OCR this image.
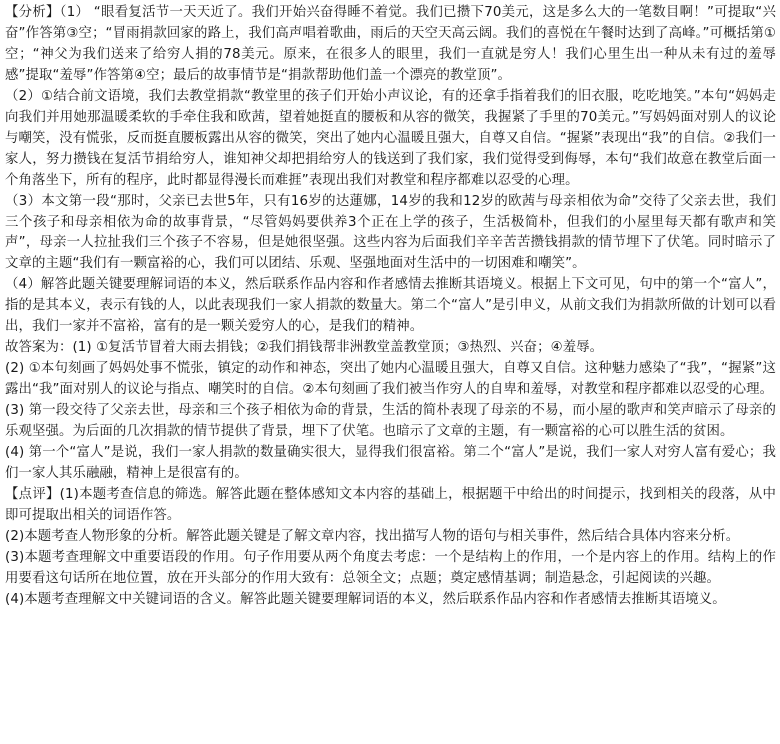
【分析】（1） “眼看复活节一天天近了。我们开始兴奋得睡不着觉。我们已攒下70美元，这是多么大的一笔数目啊！”可提取“兴奋”作答第③空；“冒雨捐款回家的路上，我们高声唱着歌曲，雨后的天空天高云阔。我们的喜悦在午餐时达到了高峰。”可概括第①空；“神父为我们送来了给穷人捐的78美元。原来，在很多人的眼里，我们一直就是穷人！我们心里生出一种从未有过的羞辱感”提取“羞辱”作答第④空；最后的故事情节是“捐款帮助他们盖一个漂亮的教堂顶”。

（2）①结合前文语境，我们去教堂捐款“教堂里的孩子们开始小声议论，有的还拿手指着我们的旧衣服，吃吃地笑。”本句“妈妈走向我们并用她那温暖柔软的手牵住我和欧茜，望着她挺直的腰板和从容的微笑，我握紧了手里的70美元。”写妈妈面对别人的议论与嘲笑，没有慌张，反而挺直腰板露出从容的微笑，突出了她内心温暖且强大，自尊又自信。“握紧”表现出“我”的自信。②我们一家人，努力攒钱在复活节捐给穷人，谁知神父却把捐给穷人的钱送到了我们家，我们觉得受到侮辱，本句“我们故意在教堂后面一个角落坐下，所有的程序，此时都显得漫长而难捱”表现出我们对教堂和程序都难以忍受的心理。

（3）本文第一段“那时，父亲已去世5年，只有16岁的达蓮娜，14岁的我和12岁的欧茜与母亲相依为命”交待了父亲去世，我们三个孩子和母亲相依为命的故事背景，“尽管妈妈要供养3个正在上学的孩子，生活极简朴，但我们的小屋里每天都有歌声和笑声”，母亲一人拉扯我们三个孩子不容易，但是她很坚强。这些内容为后面我们辛辛苦苦攒钱捐款的情节埋下了伏笔。同时暗示了文章的主题“我们有一颗富裕的心，我们可以团结、乐观、坚强地面对生活中的一切困难和嘲笑”。

（4）解答此题关键要理解词语的本义，然后联系作品内容和作者感情去推断其语境义。根据上下文可见，句中的第一个“富人”，指的是其本义，表示有钱的人，以此表现我们一家人捐款的数量大。第二个“富人”是引申义，从前文我们为捐款所做的计划可以看出，我们一家并不富裕，富有的是一颗关爱穷人的心，是我们的精神。

故答案为：(1) ①复活节冒着大雨去捐钱；②我们捐钱帮非洲教堂盖教堂顶；③热烈、兴奋；④羞辱。

(2) ①本句刻画了妈妈处事不慌张，镇定的动作和神态，突出了她内心温暖且强大，自尊又自信。这种魅力感染了“我”，“握紧”这露出“我”面对别人的议论与指点、嘲笑时的自信。②本句刻画了我们被当作穷人的自卑和羞辱，对教堂和程序都难以忍受的心理。

(3) 第一段交待了父亲去世，母亲和三个孩子相依为命的背景，生活的简朴表现了母亲的不易，而小屋的歌声和笑声暗示了母亲的乐观坚强。为后面的几次捐款的情节提供了背景，埋下了伏笔。也暗示了文章的主题，有一颗富裕的心可以胜生活的贫困。

(4) 第一个“富人”是说，我们一家人捐款的数量确实很大，显得我们很富裕。第二个“富人”是说，我们一家人对穷人富有爱心；我们一家人其乐融融，精神上是很富有的。

【点评】(1)本题考查信息的筛选。解答此题在整体感知文本内容的基础上，根据题干中给出的时间提示，找到相关的段落，从中即可提取出相关的词语作答。

(2)本题考查人物形象的分析。解答此题关键是了解文章内容，找出描写人物的语句与相关事件，然后结合具体内容来分析。

(3)本题考查理解文中重要语段的作用。句子作用要从两个角度去考虑：一个是结构上的作用，一个是内容上的作用。结构上的作用要看这句话所在地位置，放在开头部分的作用大致有：总领全文；点题；奠定感情基调；制造悬念，引起阅读的兴趣。

(4)本题考查理解文中关键词语的含义。解答此题关键要理解词语的本义，然后联系作品内容和作者感情去推断其语境义。
